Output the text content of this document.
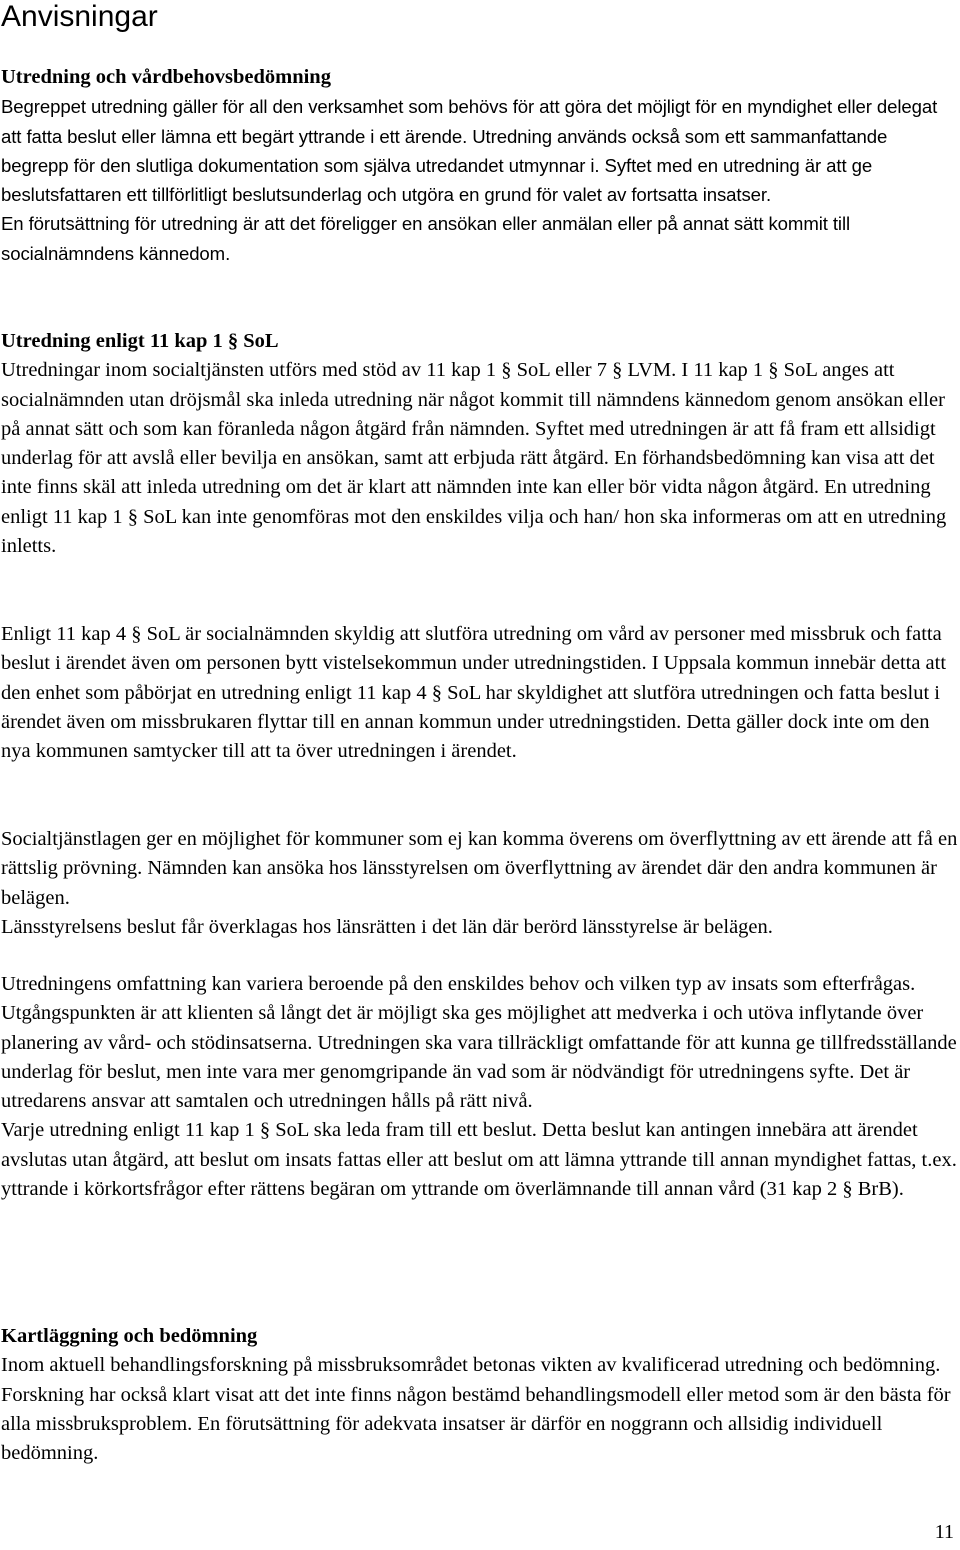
Anvisningar

Utredning och vårdbehovsbedömning

Begreppet utredning gäller för all den verksamhet som behövs för att göra det möjligt för en myndighet eller delegat att fatta beslut eller lämna ett begärt yttrande i ett ärende. Utredning används också som ett sammanfattande begrepp för den slutliga dokumentation som själva utredandet utmynnar i. Syftet med en utredning är att ge beslutsfattaren ett tillförlitligt beslutsunderlag och utgöra en grund för valet av fortsatta insatser.

En förutsättning för utredning är att det föreligger en ansökan eller anmälan eller på annat sätt kommit till socialnämndens kännedom.

Utredning enligt 11 kap 1 § SoL

Utredningar inom socialtjänsten utförs med stöd av 11 kap 1 § SoL eller 7 § LVM. I 11 kap 1 § SoL anges att socialnämnden utan dröjsmål ska inleda utredning när något kommit till nämndens kännedom genom ansökan eller på annat sätt och som kan föranleda någon åtgärd från nämnden. Syftet med utredningen är att få fram ett allsidigt underlag för att avslå eller bevilja en ansökan, samt att erbjuda rätt åtgärd. En förhandsbedömning kan visa att det inte finns skäl att inleda utredning om det är klart att nämnden inte kan eller bör vidta någon åtgärd. En utredning enligt 11 kap 1 § SoL kan inte genomföras mot den enskildes vilja och han/ hon ska informeras om att en utredning inletts.

Enligt 11 kap 4 § SoL är socialnämnden skyldig att slutföra utredning om vård av personer med missbruk och fatta beslut i ärendet även om personen bytt vistelsekommun under utredningstiden. I Uppsala kommun innebär detta att den enhet som påbörjat en utredning enligt 11 kap 4 § SoL har skyldighet att slutföra utredningen och fatta beslut i ärendet även om missbrukaren flyttar till en annan kommun under utredningstiden. Detta gäller dock inte om den nya kommunen samtycker till att ta över utredningen i ärendet.

Socialtjänstlagen ger en möjlighet för kommuner som ej kan komma överens om överflyttning av ett ärende att få en rättslig prövning. Nämnden kan ansöka hos länsstyrelsen om överflyttning av ärendet där den andra kommunen är belägen.

Länsstyrelsens beslut får överklagas hos länsrätten i det län där berörd länsstyrelse är belägen.

Utredningens omfattning kan variera beroende på den enskildes behov och vilken typ av insats som efterfrågas. Utgångspunkten är att klienten så långt det är möjligt ska ges möjlighet att medverka i och utöva inflytande över planering av vård- och stödinsatserna. Utredningen ska vara tillräckligt omfattande för att kunna ge tillfredsställande underlag för beslut, men inte vara mer genomgripande än vad som är nödvändigt för utredningens syfte. Det är utredarens ansvar att samtalen och utredningen hålls på rätt nivå.

Varje utredning enligt 11 kap 1 § SoL ska leda fram till ett beslut. Detta beslut kan antingen innebära att ärendet avslutas utan åtgärd, att beslut om insats fattas eller att beslut om att lämna yttrande till annan myndighet fattas, t.ex. yttrande i körkortsfrågor efter rättens begäran om yttrande om överlämnande till annan vård (31 kap 2 § BrB).

Kartläggning och bedömning

Inom aktuell behandlingsforskning på missbruksområdet betonas vikten av kvalificerad utredning och bedömning. Forskning har också klart visat att det inte finns någon bestämd behandlingsmodell eller metod som är den bästa för alla missbruksproblem. En förutsättning för adekvata insatser är därför en noggrann och allsidig individuell bedömning.

11
